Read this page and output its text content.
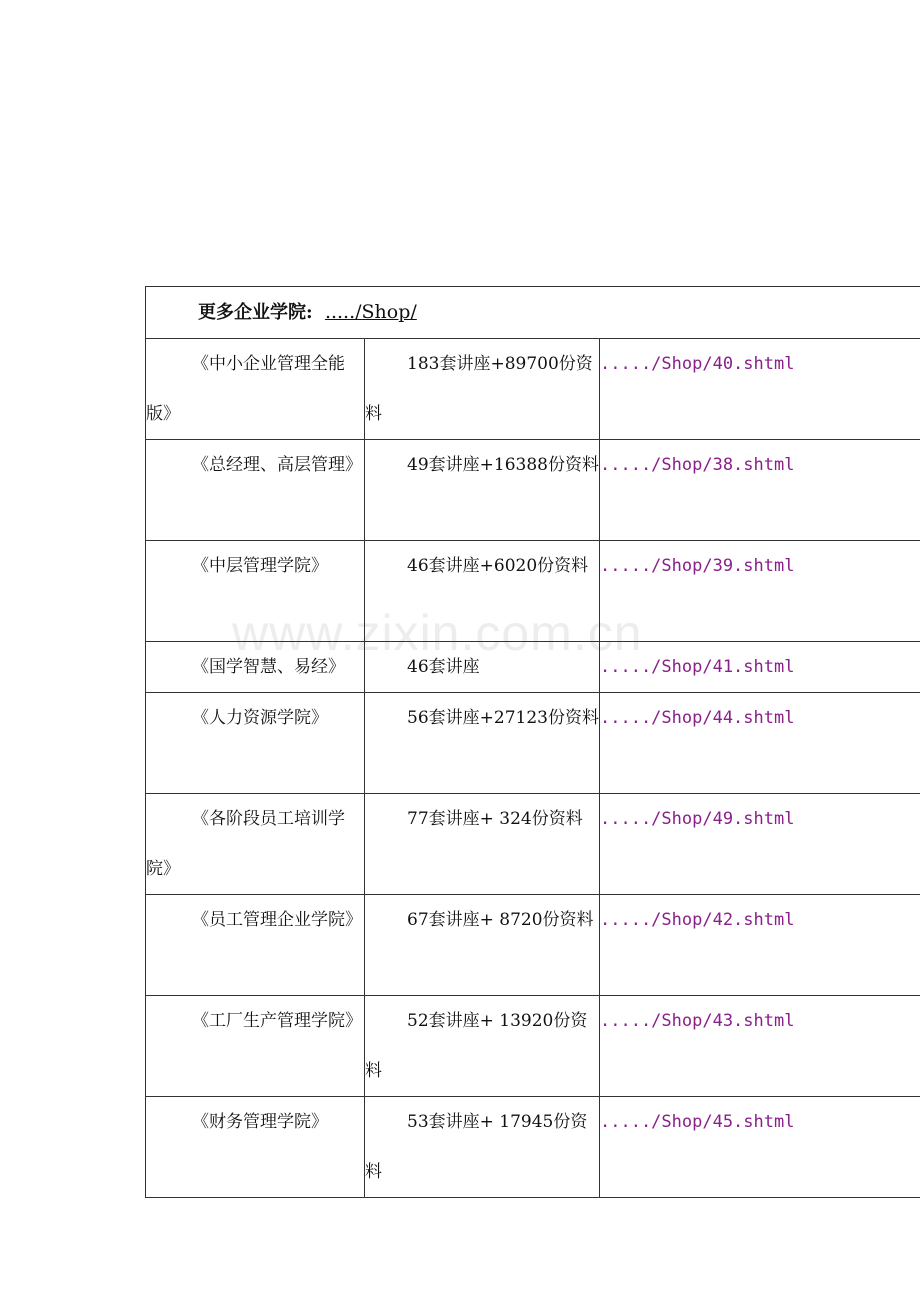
www.zixin.com.cn
更多企业学院: ...../Shop/		

《中小企业管理全能版》	183套讲座+89700份资料	...../Shop/40.shtml
《总经理、高层管理》	49套讲座+16388份资料	...../Shop/38.shtml
《中层管理学院》	46套讲座+6020份资料	...../Shop/39.shtml
《国学智慧、易经》	46套讲座	...../Shop/41.shtml
《人力资源学院》	56套讲座+27123份资料	...../Shop/44.shtml
《各阶段员工培训学院》	77套讲座+ 324份资料	...../Shop/49.shtml
《员工管理企业学院》	67套讲座+ 8720份资料	...../Shop/42.shtml
《工厂生产管理学院》	52套讲座+ 13920份资料	...../Shop/43.shtml
《财务管理学院》	53套讲座+ 17945份资料	...../Shop/45.shtml
